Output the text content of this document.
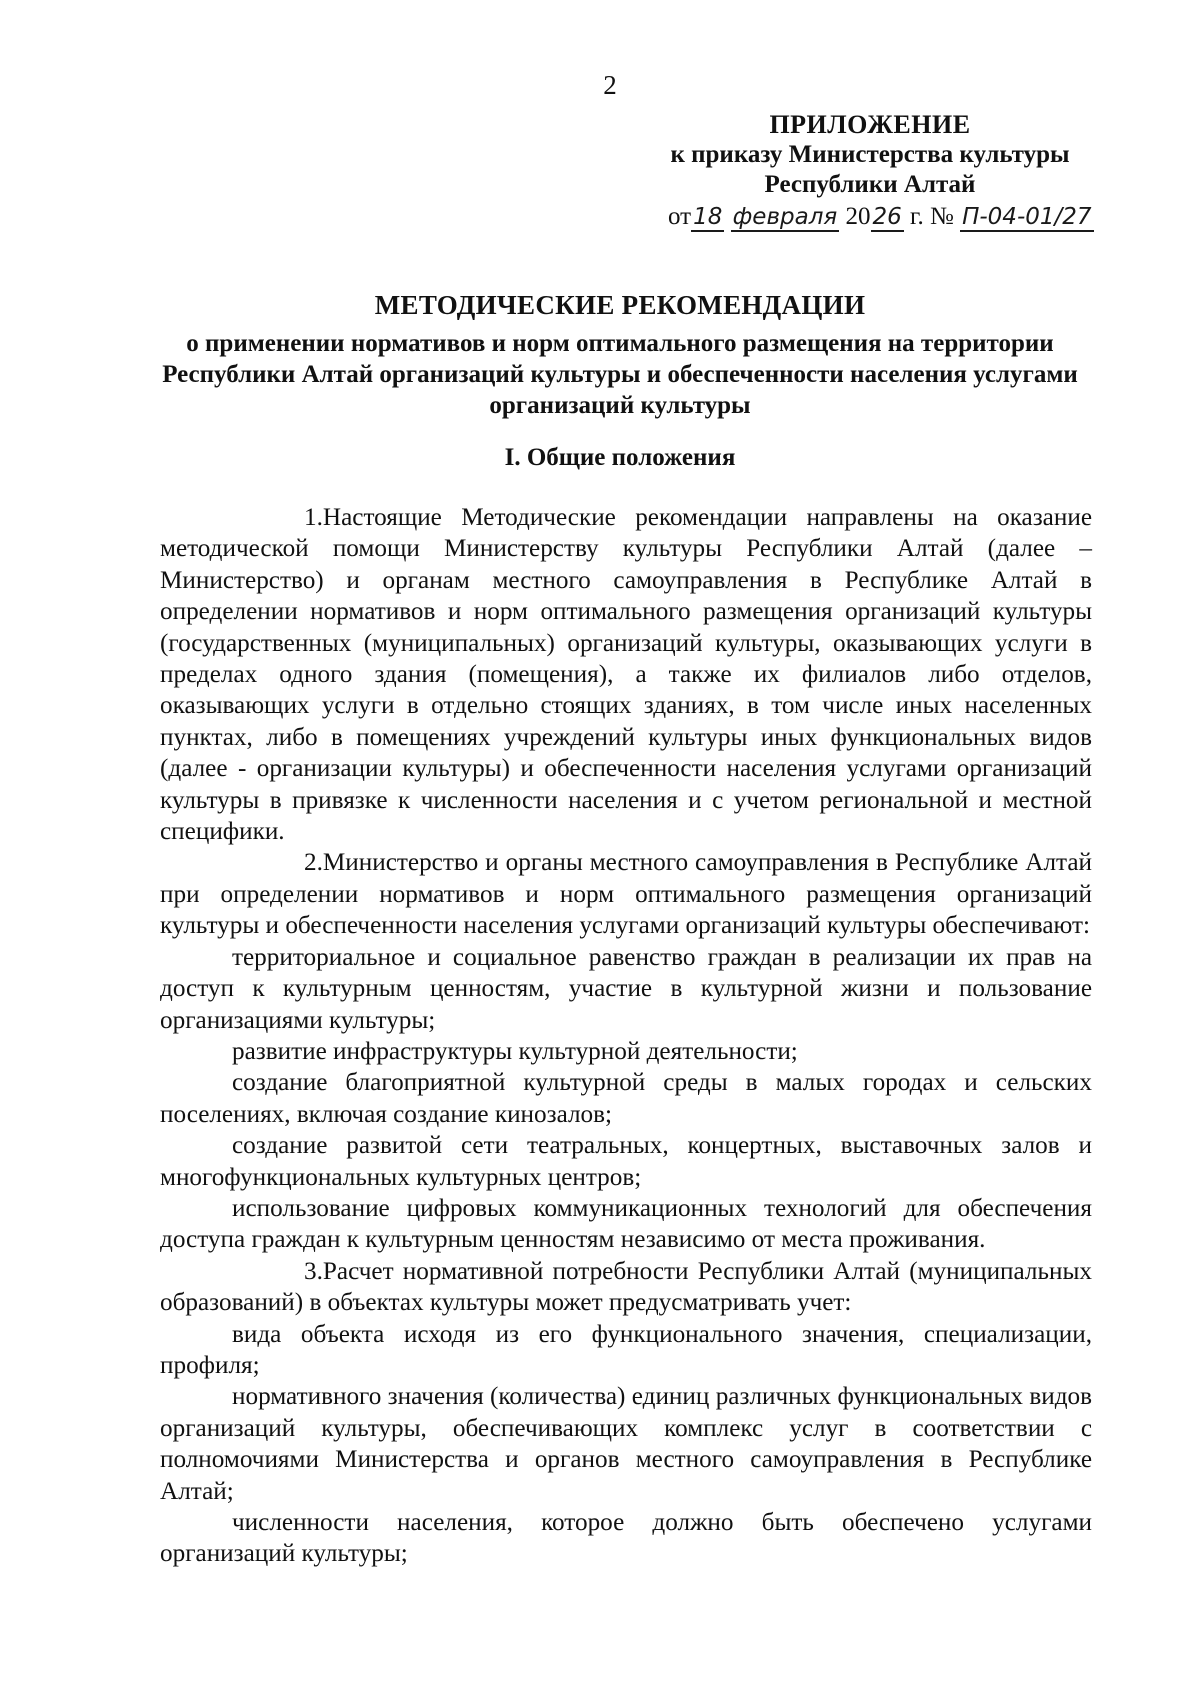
2
ПРИЛОЖЕНИЕ
к приказу Министерства культуры
Республики Алтай
от18 февраля 2026 г. № П-04-01/27
МЕТОДИЧЕСКИЕ РЕКОМЕНДАЦИИ
о применении нормативов и норм оптимального размещения на территории Республики Алтай организаций культуры и обеспеченности населения услугами организаций культуры
I. Общие положения

1.Настоящие Методические рекомендации направлены на оказание методической помощи Министерству культуры Республики Алтай (далее – Министерство) и органам местного самоуправления в Республике Алтай в определении нормативов и норм оптимального размещения организаций культуры (государственных (муниципальных) организаций культуры, оказывающих услуги в пределах одного здания (помещения), а также их филиалов либо отделов, оказывающих услуги в отдельно стоящих зданиях, в том числе иных населенных пунктах, либо в помещениях учреждений культуры иных функциональных видов (далее - организации культуры) и обеспеченности населения услугами организаций культуры в привязке к численности населения и с учетом региональной и местной специфики.

2.Министерство и органы местного самоуправления в Республике Алтай при определении нормативов и норм оптимального размещения организаций культуры и обеспеченности населения услугами организаций культуры обеспечивают:

территориальное и социальное равенство граждан в реализации их прав на доступ к культурным ценностям, участие в культурной жизни и пользование организациями культуры;

развитие инфраструктуры культурной деятельности;

создание благоприятной культурной среды в малых городах и сельских поселениях, включая создание кинозалов;

создание развитой сети театральных, концертных, выставочных залов и многофункциональных культурных центров;

использование цифровых коммуникационных технологий для обеспечения доступа граждан к культурным ценностям независимо от места проживания.

3.Расчет нормативной потребности Республики Алтай (муниципальных образований) в объектах культуры может предусматривать учет:

вида объекта исходя из его функционального значения, специализации, профиля;

нормативного значения (количества) единиц различных функциональных видов организаций культуры, обеспечивающих комплекс услуг в соответствии с полномочиями Министерства и органов местного самоуправления в Республике Алтай;

численности населения, которое должно быть обеспечено услугами организаций культуры;
